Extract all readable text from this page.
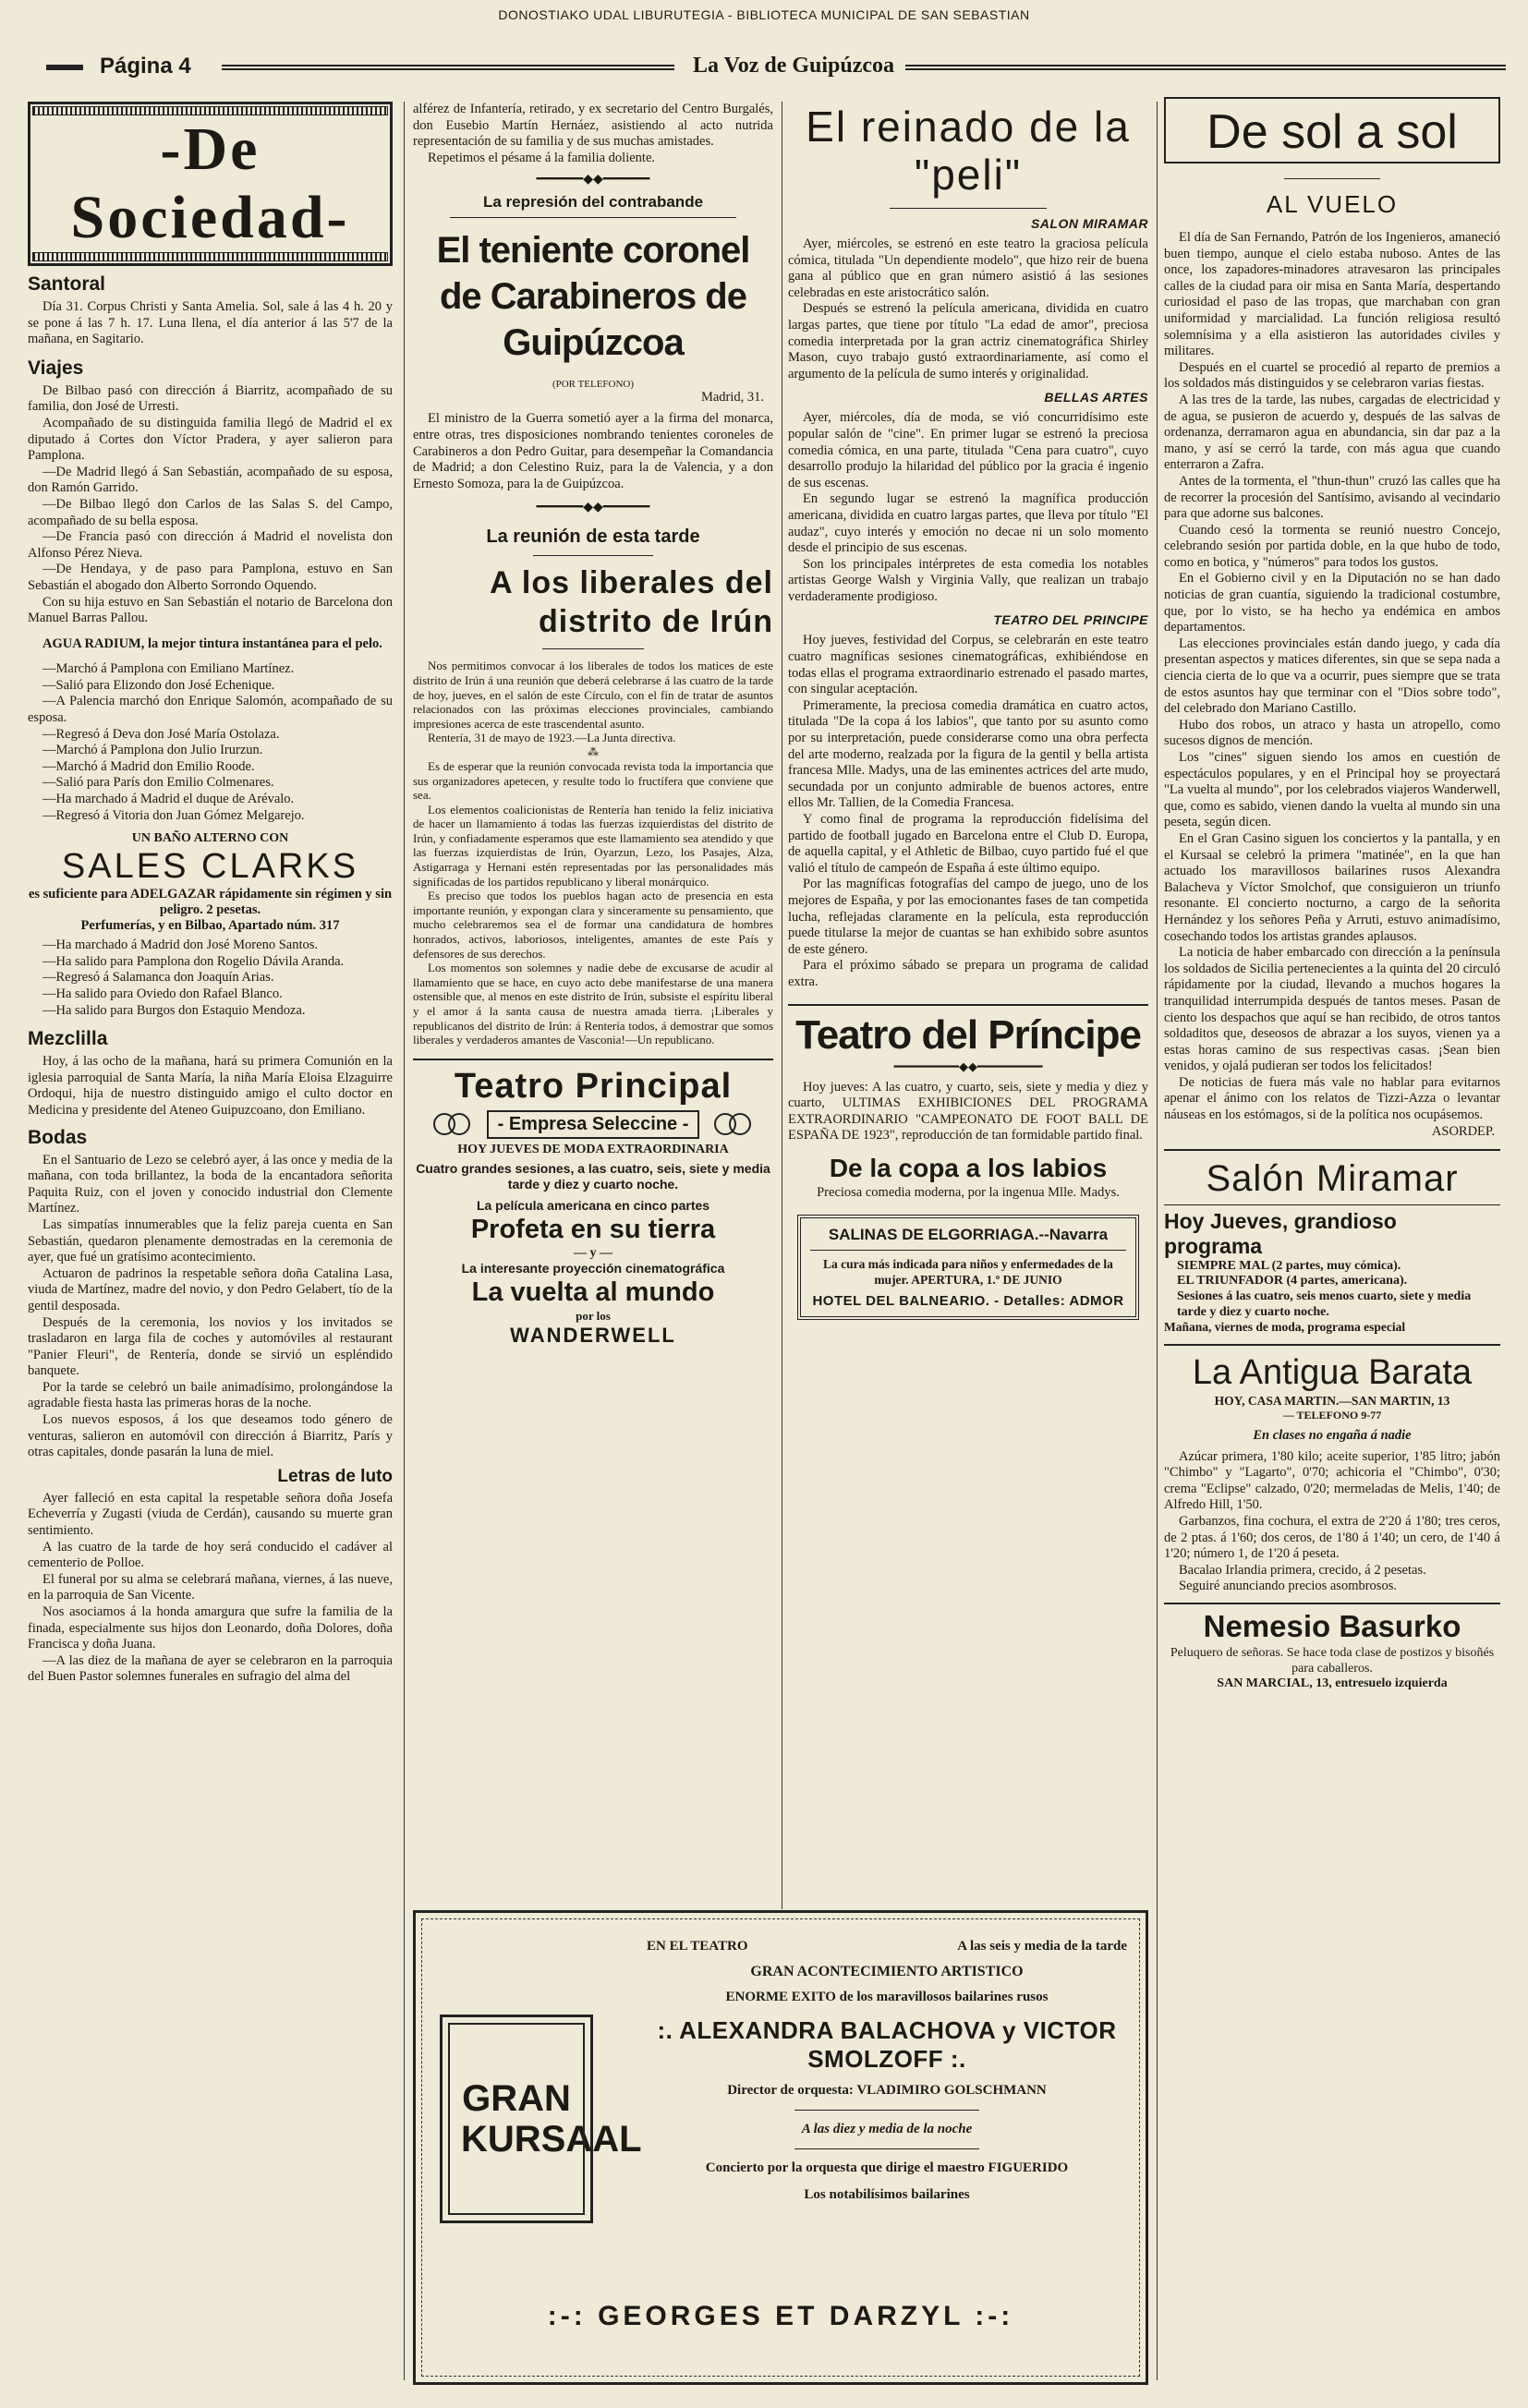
DONOSTIAKO UDAL LIBURUTEGIA - BIBLIOTECA MUNICIPAL DE SAN SEBASTIAN
Página 4	La Voz de Guipúzcoa
-De Sociedad-
Santoral

Día 31. Corpus Christi y Santa Amelia. Sol, sale á las 4 h. 20 y se pone á las 7 h. 17. Luna llena, el día anterior á las 5'7 de la mañana, en Sagitario.

Viajes

De Bilbao pasó con dirección á Biarritz, acompañado de su familia, don José de Urresti.

Acompañado de su distinguida familia llegó de Madrid el ex diputado á Cortes don Víctor Pradera, y ayer salieron para Pamplona.

—De Madrid llegó á San Sebastián, acompañado de su esposa, don Ramón Garrido.

—De Bilbao llegó don Carlos de las Salas S. del Campo, acompañado de su bella esposa.

—De Francia pasó con dirección á Madrid el novelista don Alfonso Pérez Nieva.

—De Hendaya, y de paso para Pamplona, estuvo en San Sebastián el abogado don Alberto Sorrondo Oquendo.

Con su hija estuvo en San Sebastián el notario de Barcelona don Manuel Barras Pallou.

AGUA RADIUM, la mejor tintura instantánea para el pelo.

—Marchó á Pamplona con Emiliano Martínez.

—Salió para Elizondo don José Echenique.

—A Palencia marchó don Enrique Salomón, acompañado de su esposa.

—Regresó á Deva don José María Ostolaza.

—Marchó á Pamplona don Julio Irurzun.

—Marchó á Madrid don Emilio Roode.

—Salió para París don Emilio Colmenares.

—Ha marchado á Madrid el duque de Arévalo.

—Regresó á Vitoria don Juan Gómez Melgarejo.

UN BAÑO ALTERNO CON
SALES CLARKS
es suficiente para ADELGAZAR rápidamente sin régimen y sin peligro. 2 pesetas.
Perfumerías, y en Bilbao, Apartado núm. 317

—Ha marchado á Madrid don José Moreno Santos.

—Ha salido para Pamplona don Rogelio Dávila Aranda.

—Regresó á Salamanca don Joaquín Arias.

—Ha salido para Oviedo don Rafael Blanco.

—Ha salido para Burgos don Estaquio Mendoza.

Mezclilla

Hoy, á las ocho de la mañana, hará su primera Comunión en la iglesia parroquial de Santa María, la niña María Eloisa Elzaguirre Ordoqui, hija de nuestro distinguido amigo el culto doctor en Medicina y presidente del Ateneo Guipuzcoano, don Emiliano.

Bodas

En el Santuario de Lezo se celebró ayer, á las once y media de la mañana, con toda brillantez, la boda de la encantadora señorita Paquita Ruiz, con el joven y conocido industrial don Clemente Martínez.

Las simpatías innumerables que la feliz pareja cuenta en San Sebastián, quedaron plenamente demostradas en la ceremonia de ayer, que fué un gratísimo acontecimiento.

Actuaron de padrinos la respetable señora doña Catalina Lasa, viuda de Martínez, madre del novio, y don Pedro Gelabert, tío de la gentil desposada.

Después de la ceremonia, los novios y los invitados se trasladaron en larga fila de coches y automóviles al restaurant "Panier Fleuri", de Rentería, donde se sirvió un espléndido banquete.

Por la tarde se celebró un baile animadísimo, prolongándose la agradable fiesta hasta las primeras horas de la noche.

Los nuevos esposos, á los que deseamos todo género de venturas, salieron en automóvil con dirección á Biarritz, París y otras capitales, donde pasarán la luna de miel.

Letras de luto

Ayer falleció en esta capital la respetable señora doña Josefa Echeverría y Zugasti (viuda de Cerdán), causando su muerte gran sentimiento.

A las cuatro de la tarde de hoy será conducido el cadáver al cementerio de Polloe.

El funeral por su alma se celebrará mañana, viernes, á las nueve, en la parroquia de San Vicente.

Nos asociamos á la honda amargura que sufre la familia de la finada, especialmente sus hijos don Leonardo, doña Dolores, doña Francisca y doña Juana.

—A las diez de la mañana de ayer se celebraron en la parroquia del Buen Pastor solemnes funerales en sufragio del alma del

alférez de Infantería, retirado, y ex secretario del Centro Burgalés, don Eusebio Martín Hernáez, asistiendo al acto nutrida representación de su familia y de sus muchas amistades.

Repetimos el pésame á la familia doliente.

━━━━━━◆◆━━━━━━
La represión del contrabande
El teniente coronel de Carabineros de Guipúzcoa
(POR TELEFONO)
Madrid, 31.

El ministro de la Guerra sometió ayer a la firma del monarca, entre otras, tres disposiciones nombrando tenientes coroneles de Carabineros a don Pedro Guitar, para desempeñar la Comandancia de Madrid; a don Celestino Ruiz, para la de Valencia, y a don Ernesto Somoza, para la de Guipúzcoa.

━━━━━━◆◆━━━━━━
La reunión de esta tarde
A los liberales del distrito de Irún

Nos permitimos convocar á los liberales de todos los matices de este distrito de Irún á una reunión que deberá celebrarse á las cuatro de la tarde de hoy, jueves, en el salón de este Círculo, con el fin de tratar de asuntos relacionados con las próximas elecciones provinciales, cambiando impresiones acerca de este trascendental asunto.

Rentería, 31 de mayo de 1923.—La Junta directiva.

⁂

Es de esperar que la reunión convocada revista toda la importancia que sus organizadores apetecen, y resulte todo lo fructífera que conviene que sea.

Los elementos coalicionistas de Rentería han tenido la feliz iniciativa de hacer un llamamiento á todas las fuerzas izquierdistas del distrito de Irún, y confiadamente esperamos que este llamamiento sea atendido y que las fuerzas izquierdistas de Irún, Oyarzun, Lezo, los Pasajes, Alza, Astigarraga y Hernani estén representadas por las personalidades más significadas de los partidos republicano y liberal monárquico.

Es preciso que todos los pueblos hagan acto de presencia en esta importante reunión, y expongan clara y sinceramente su pensamiento, que mucho celebraremos sea el de formar una candidatura de hombres honrados, activos, laboriosos, inteligentes, amantes de este País y defensores de sus derechos.

Los momentos son solemnes y nadie debe de excusarse de acudir al llamamiento que se hace, en cuyo acto debe manifestarse de una manera ostensible que, al menos en este distrito de Irún, subsiste el espíritu liberal y el amor á la santa causa de nuestra amada tierra. ¡Liberales y republicanos del distrito de Irún: á Rentería todos, á demostrar que somos liberales y verdaderos amantes de Vasconia!—Un republicano.

Teatro Principal
- Empresa Seleccine -
HOY JUEVES DE MODA EXTRAORDINARIA
Cuatro grandes sesiones, a las cuatro, seis, siete y media tarde y diez y cuarto noche.
La película americana en cinco partes
Profeta en su tierra
— y —
La interesante proyección cinematográfica
La vuelta al mundo
por los
WANDERWELL
El reinado de la "peli"
SALON MIRAMAR

Ayer, miércoles, se estrenó en este teatro la graciosa película cómica, titulada "Un dependiente modelo", que hizo reir de buena gana al público que en gran número asistió á las sesiones celebradas en este aristocrático salón.

Después se estrenó la película americana, dividida en cuatro largas partes, que tiene por título "La edad de amor", preciosa comedia interpretada por la gran actriz cinematográfica Shirley Mason, cuyo trabajo gustó extraordinariamente, así como el argumento de la película de sumo interés y originalidad.

BELLAS ARTES

Ayer, miércoles, día de moda, se vió concurridísimo este popular salón de "cine". En primer lugar se estrenó la preciosa comedia cómica, en una parte, titulada "Cena para cuatro", cuyo desarrollo produjo la hilaridad del público por la gracia é ingenio de sus escenas.

En segundo lugar se estrenó la magnífica producción americana, dividida en cuatro largas partes, que lleva por título "El audaz", cuyo interés y emoción no decae ni un solo momento desde el principio de sus escenas.

Son los principales intérpretes de esta comedia los notables artistas George Walsh y Virginia Vally, que realizan un trabajo verdaderamente prodigioso.

TEATRO DEL PRINCIPE

Hoy jueves, festividad del Corpus, se celebrarán en este teatro cuatro magníficas sesiones cinematográficas, exhibiéndose en todas ellas el programa extraordinario estrenado el pasado martes, con singular aceptación.

Primeramente, la preciosa comedia dramática en cuatro actos, titulada "De la copa á los labios", que tanto por su asunto como por su interpretación, puede considerarse como una obra perfecta del arte moderno, realzada por la figura de la gentil y bella artista francesa Mlle. Madys, una de las eminentes actrices del arte mudo, secundada por un conjunto admirable de buenos actores, entre ellos Mr. Tallien, de la Comedia Francesa.

Y como final de programa la reproducción fidelísima del partido de football jugado en Barcelona entre el Club D. Europa, de aquella capital, y el Athletic de Bilbao, cuyo partido fué el que valió el título de campeón de España á este último equipo.

Por las magníficas fotografías del campo de juego, uno de los mejores de España, y por las emocionantes fases de tan competida lucha, reflejadas claramente en la película, esta reproducción puede titularse la mejor de cuantas se han exhibido sobre asuntos de este género.

Para el próximo sábado se prepara un programa de calidad extra.

Teatro del Príncipe
━━━━━━━━━◆◆━━━━━━━━━

Hoy jueves: A las cuatro, y cuarto, seis, siete y media y diez y cuarto, ULTIMAS EXHIBICIONES DEL PROGRAMA EXTRAORDINARIO "CAMPEONATO DE FOOT BALL DE ESPAÑA DE 1923", reproducción de tan formidable partido final.

De la copa a los labios

Preciosa comedia moderna, por la ingenua Mlle. Madys.

SALINAS DE ELGORRIAGA.--Navarra
La cura más indicada para niños y enfermedades de la mujer. APERTURA, 1.º DE JUNIO
HOTEL DEL BALNEARIO. - Detalles: ADMOR
GRAN KURSAAL
EN EL TEATRO	A las seis y media de la tarde
GRAN ACONTECIMIENTO ARTISTICO
ENORME EXITO de los maravillosos bailarines rusos
:. ALEXANDRA BALACHOVA y VICTOR SMOLZOFF :.
Director de orquesta: VLADIMIRO GOLSCHMANN
A las diez y media de la noche
Concierto por la orquesta que dirige el maestro FIGUERIDO
Los notabilísimos bailarines
:-: GEORGES ET DARZYL :-:
De sol a sol
AL VUELO

El día de San Fernando, Patrón de los Ingenieros, amaneció buen tiempo, aunque el cielo estaba nuboso. Antes de las once, los zapadores-minadores atravesaron las principales calles de la ciudad para oir misa en Santa María, despertando curiosidad el paso de las tropas, que marchaban con gran uniformidad y marcialidad. La función religiosa resultó solemnísima y a ella asistieron las autoridades civiles y militares.

Después en el cuartel se procedió al reparto de premios a los soldados más distinguidos y se celebraron varias fiestas.

A las tres de la tarde, las nubes, cargadas de electricidad y de agua, se pusieron de acuerdo y, después de las salvas de ordenanza, derramaron agua en abundancia, sin dar paz a la mano, y así se cerró la tarde, con más agua que cuando enterraron a Zafra.

Antes de la tormenta, el "thun-thun" cruzó las calles que ha de recorrer la procesión del Santísimo, avisando al vecindario para que adorne sus balcones.

Cuando cesó la tormenta se reunió nuestro Concejo, celebrando sesión por partida doble, en la que hubo de todo, como en botica, y "números" para todos los gustos.

En el Gobierno civil y en la Diputación no se han dado noticias de gran cuantía, siguiendo la tradicional costumbre, que, por lo visto, se ha hecho ya endémica en ambos departamentos.

Las elecciones provinciales están dando juego, y cada día presentan aspectos y matices diferentes, sin que se sepa nada a ciencia cierta de lo que va a ocurrir, pues siempre que se trata de estos asuntos hay que terminar con el "Dios sobre todo", del celebrado don Mariano Castillo.

Hubo dos robos, un atraco y hasta un atropello, como sucesos dignos de mención.

Los "cines" siguen siendo los amos en cuestión de espectáculos populares, y en el Principal hoy se proyectará "La vuelta al mundo", por los celebrados viajeros Wanderwell, que, como es sabido, vienen dando la vuelta al mundo sin una peseta, según dicen.

En el Gran Casino siguen los conciertos y la pantalla, y en el Kursaal se celebró la primera "matinée", en la que han actuado los maravillosos bailarines rusos Alexandra Balacheva y Víctor Smolchof, que consiguieron un triunfo resonante. El concierto nocturno, a cargo de la señorita Hernández y los señores Peña y Arruti, estuvo animadísimo, cosechando todos los artistas grandes aplausos.

La noticia de haber embarcado con dirección a la península los soldados de Sicilia pertenecientes a la quinta del 20 circuló rápidamente por la ciudad, llevando a muchos hogares la tranquilidad interrumpida después de tantos meses. Pasan de ciento los despachos que aquí se han recibido, de otros tantos soldaditos que, deseosos de abrazar a los suyos, vienen ya a estas horas camino de sus respectivas casas. ¡Sean bien venidos, y ojalá pudieran ser todos los felicitados!

De noticias de fuera más vale no hablar para evitarnos apenar el ánimo con los relatos de Tizzi-Azza o levantar náuseas en los estómagos, si de la política nos ocupásemos.

ASORDEP.
Salón Miramar
Hoy Jueves, grandioso programa
SIEMPRE MAL (2 partes, muy cómica).
EL TRIUNFADOR (4 partes, americana).
Sesiones á las cuatro, seis menos cuarto, siete y media tarde y diez y cuarto noche.
Mañana, viernes de moda, programa especial
La Antigua Barata
HOY, CASA MARTIN.—SAN MARTIN, 13
— TELEFONO 9-77
En clases no engaña á nadie

Azúcar primera, 1'80 kilo; aceite superior, 1'85 litro; jabón "Chimbo" y "Lagarto", 0'70; achicoria el "Chimbo", 0'30; crema "Eclipse" calzado, 0'20; mermeladas de Melis, 1'40; de Alfredo Hill, 1'50.

Garbanzos, fina cochura, el extra de 2'20 á 1'80; tres ceros, de 2 ptas. á 1'60; dos ceros, de 1'80 á 1'40; un cero, de 1'40 á 1'20; número 1, de 1'20 á peseta.

Bacalao Irlandia primera, crecido, á 2 pesetas.

Seguiré anunciando precios asombrosos.

Nemesio Basurko
Peluquero de señoras. Se hace toda clase de postizos y bisoñés para caballeros.
SAN MARCIAL, 13, entresuelo izquierda
